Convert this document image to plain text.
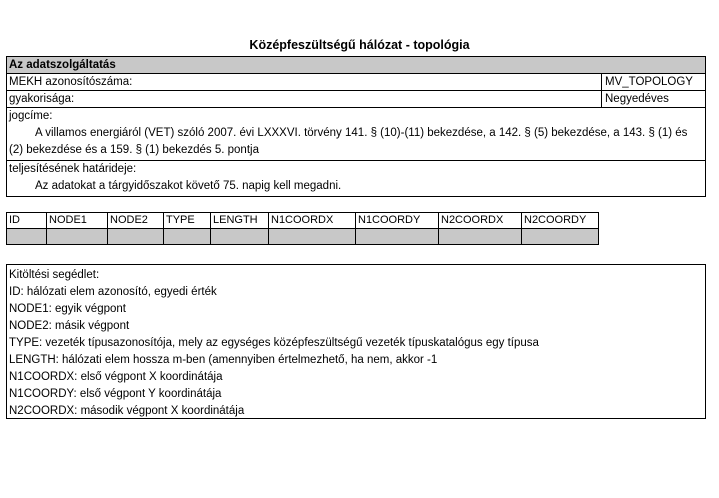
Középfeszültségű hálózat - topológia
Az adatszolgáltatás
MEKH azonosítószáma:	MV_TOPOLOGY
gyakorisága:	Negyedéves
jogcíme:
A villamos energiáról (VET) szóló 2007. évi LXXXVI. törvény 141. § (10)-(11) bekezdése, a 142. § (5) bekezdése, a 143. § (1) és (2) bekezdése és a 159. § (1) bekezdés 5. pontja
teljesítésének határideje:
Az adatokat a tárgyidőszakot követő 75. napig kell megadni.
ID	NODE1	NODE2	TYPE	LENGTH	N1COORDX	N1COORDY	N2COORDX	N2COORDY

Kitöltési segédlet:
ID: hálózati elem azonosító, egyedi érték
NODE1: egyik végpont
NODE2: másik végpont
TYPE: vezeték típusazonosítója, mely az egységes középfeszültségű vezeték típuskatalógus egy típusa
LENGTH: hálózati elem hossza m-ben (amennyiben értelmezhető, ha nem, akkor -1
N1COORDX: első végpont X koordinátája
N1COORDY: első végpont Y koordinátája
N2COORDX: második végpont X koordinátája
